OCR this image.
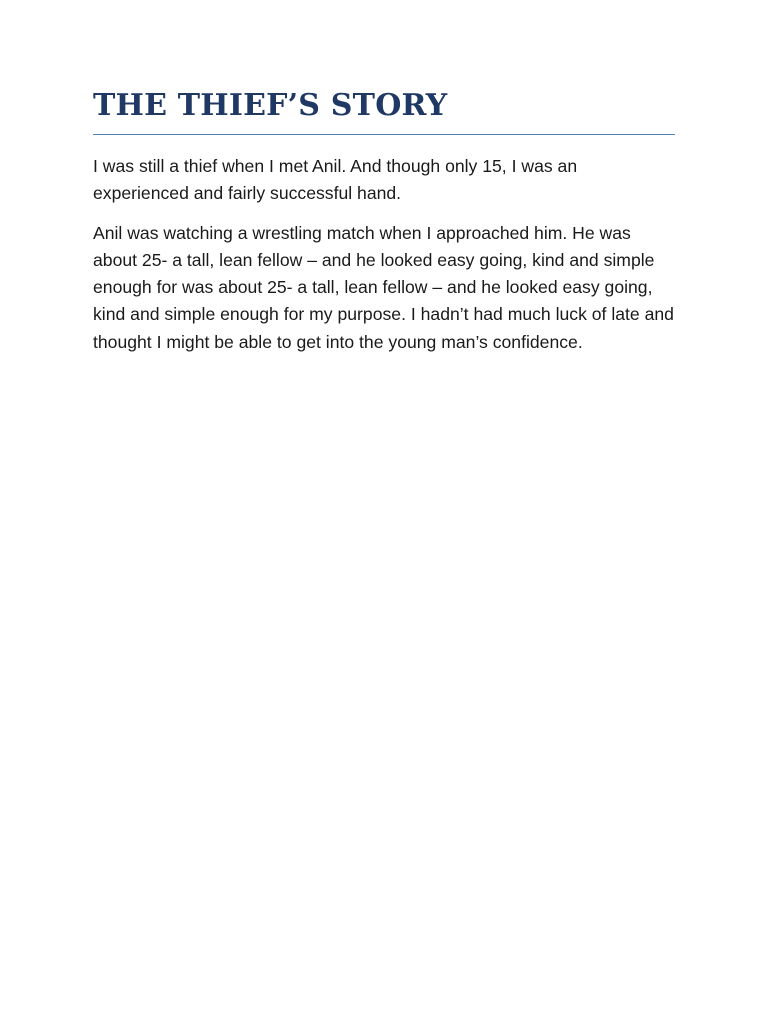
THE THIEF’S STORY

I was still a thief when I met Anil. And though only 15, I was an experienced and fairly successful hand.

Anil was watching a wrestling match when I approached him. He was about 25- a tall, lean fellow – and he looked easy going, kind and simple enough for was about 25- a tall, lean fellow – and he looked easy going, kind and simple enough for my purpose. I hadn’t had much luck of late and thought I might be able to get into the young man’s confidence.
